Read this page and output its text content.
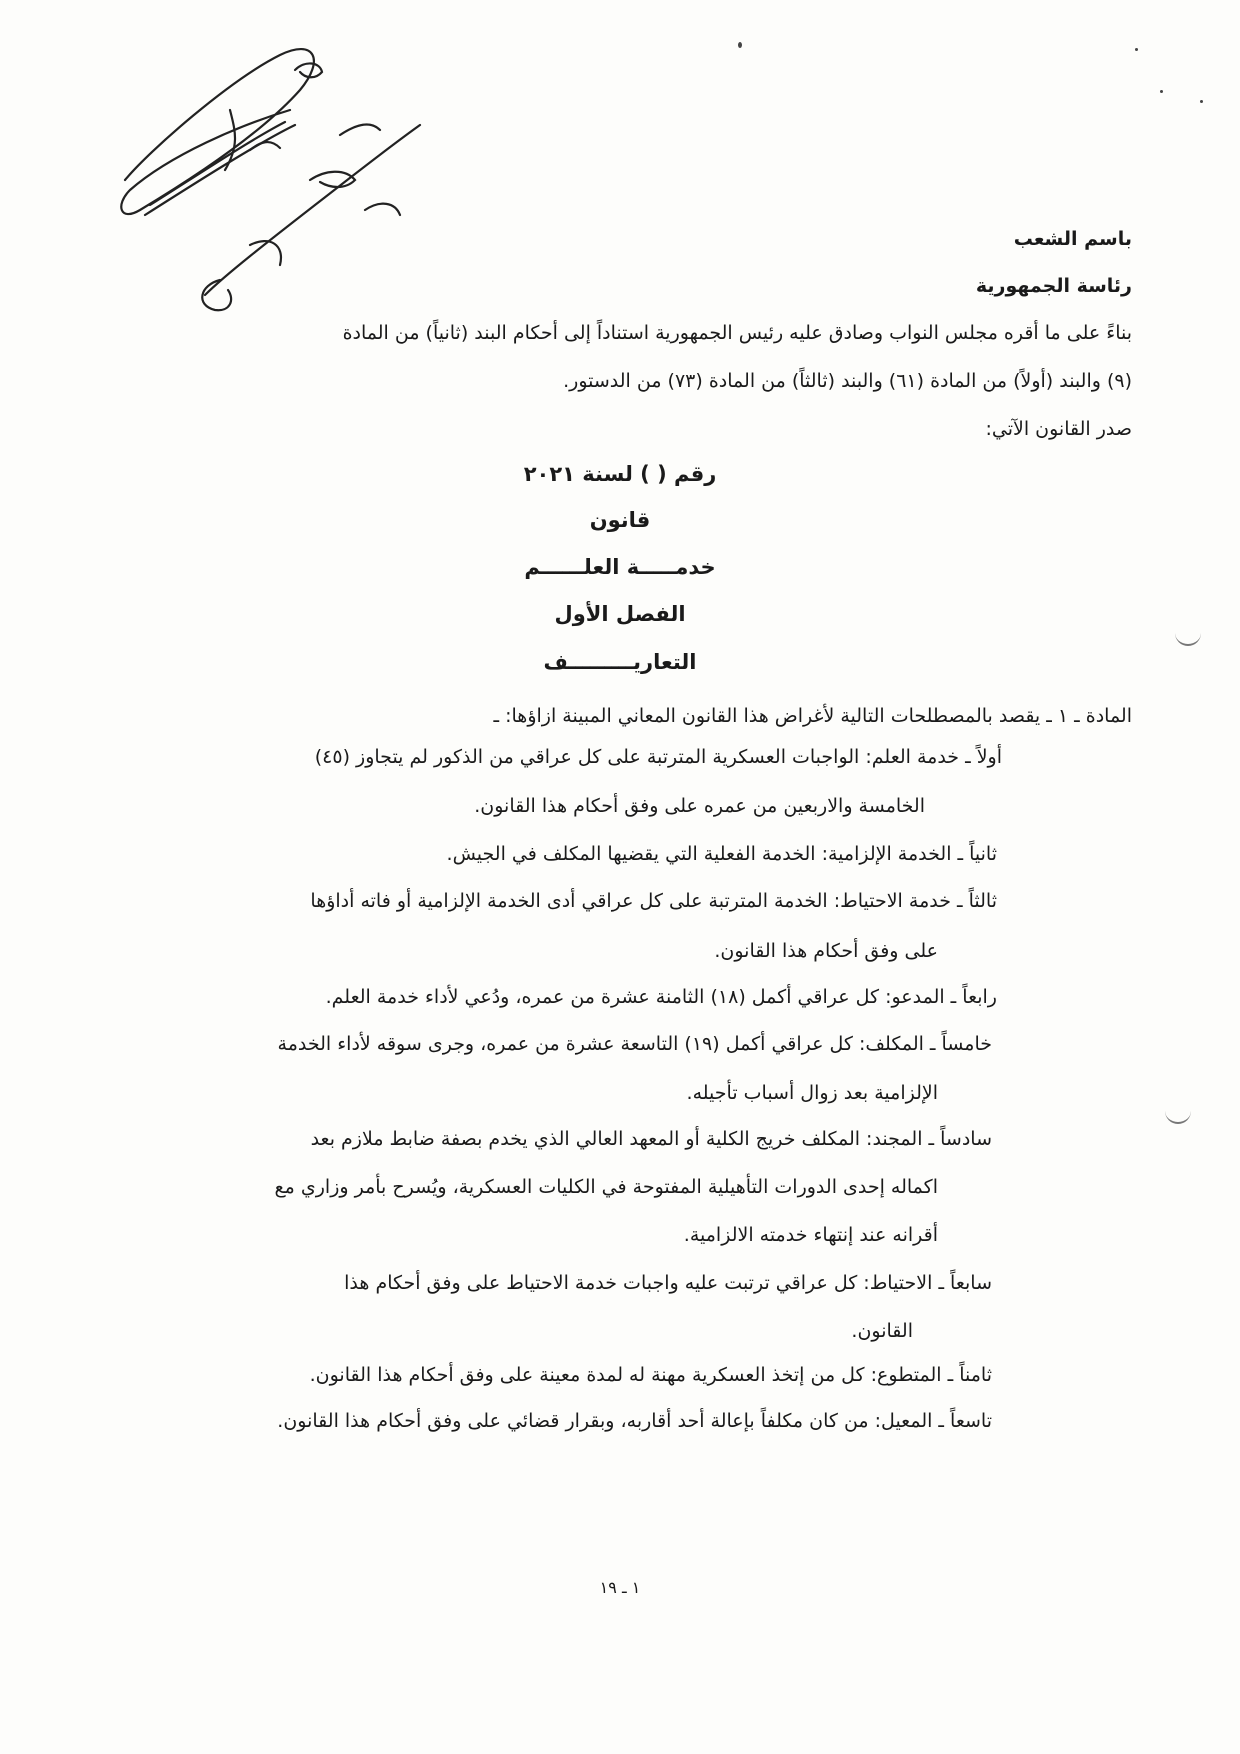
يرفع للقراءة الاولى
باسم الشعب
رئاسة الجمهورية
بناءً على ما أقره مجلس النواب وصادق عليه رئيس الجمهورية استناداً إلى أحكام البند (ثانياً) من المادة
(٩) والبند (أولاً) من المادة (٦١) والبند (ثالثاً) من المادة (٧٣) من الدستور.
صدر القانون الآتي:
رقم ( ) لسنة ٢٠٢١
قانون
خدمـــــة العلــــــم
الفصل الأول
التعاريـــــــــف
المادة ـ ١ ـ يقصد بالمصطلحات التالية لأغراض هذا القانون المعاني المبينة ازاؤها: ـ
أولاً ـ خدمة العلم: الواجبات العسكرية المترتبة على كل عراقي من الذكور لم يتجاوز (٤٥)
الخامسة والاربعين من عمره على وفق أحكام هذا القانون.
ثانياً ـ الخدمة الإلزامية: الخدمة الفعلية التي يقضيها المكلف في الجيش.
ثالثاً ـ خدمة الاحتياط: الخدمة المترتبة على كل عراقي أدى الخدمة الإلزامية أو فاته أداؤها
على وفق أحكام هذا القانون.
رابعاً ـ المدعو: كل عراقي أكمل (١٨) الثامنة عشرة من عمره، ودُعي لأداء خدمة العلم.
خامساً ـ المكلف: كل عراقي أكمل (١٩) التاسعة عشرة من عمره، وجرى سوقه لأداء الخدمة
الإلزامية بعد زوال أسباب تأجيله.
سادساً ـ المجند: المكلف خريج الكلية أو المعهد العالي الذي يخدم بصفة ضابط ملازم بعد
اكماله إحدى الدورات التأهيلية المفتوحة في الكليات العسكرية، ويُسرح بأمر وزاري مع
أقرانه عند إنتهاء خدمته الالزامية.
سابعاً ـ الاحتياط: كل عراقي ترتبت عليه واجبات خدمة الاحتياط على وفق أحكام هذا
القانون.
ثامناً ـ المتطوع: كل من إتخذ العسكرية مهنة له لمدة معينة على وفق أحكام هذا القانون.
تاسعاً ـ المعيل: من كان مكلفاً بإعالة أحد أقاربه، وبقرار قضائي على وفق أحكام هذا القانون.
١ ـ ١٩
